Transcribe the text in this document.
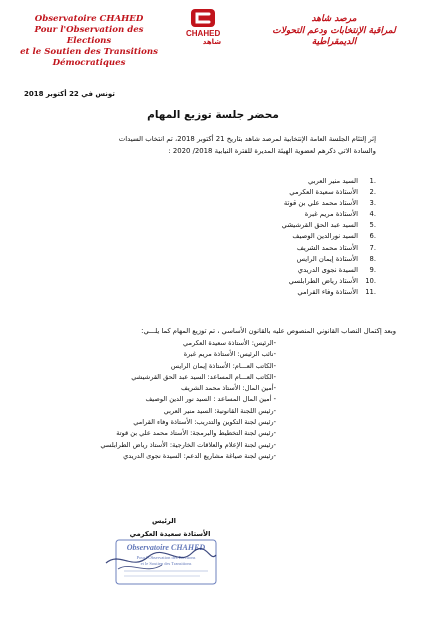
Observatoire CHAHED
Pour l'Observation des Elections
et le Soutien des Transitions
Démocratiques
CHAHED
شاهد
مرصد شاهد
لمراقبة الإنتخابات ودعم التحولات
الديمقراطية
تونس في 22 أكتوبر 2018
محضر جلسة توزيع المهام
إثر إلتئام الجلسة العامة الإنتخابية لمرصد شاهد بتاريخ 21 أكتوبر 2018، تم انتخاب السيدات
والسادة الاتي ذكرهم لعضوية الهيئة المديرة للفترة النيابية 2018/ 2020 :
1.
السيد منير العربي
2.
الأستاذة سعيدة العكرمي
3.
الأستاذ محمد علي بن قوتة
4.
الأستاذة مريم غبرة
5.
السيد عبد الحق القرشيشي
6.
السيد نورالدين الوصيف
7.
الأستاذ محمد الشريف
8.
الأستاذة إيمان الرايس
9.
السيدة نجوى الدريدي
10.
الأستاذ رياض الطرابلسي
11.
الأستاذة وفاء القرامي
وبعد إكتمال النصاب القانوني المنصوص عليه بالقانون الأساسي ، تم توزيع المهام كما يلـــي:
-الرئيس: الأستاذة سعيدة العكرمي
-نائب الرئيس: الأستاذة مريم غبرة
-الكاتب العـــام: الأستاذة إيمان الرايس
-الكاتب العـــام المساعد: السيد عبد الحق القرشيشي
-أمين المال: الأستاذ محمد الشريف
- أمين المال المساعد : السيد نور الدين الوصيف
-رئيس اللجنة القانونية: السيد منير العربي
-رئيس لجنة التكوين والتدريب: الأستاذة وفاء القرامي
-رئيس لجنة التخطيط والبرمجة: الأستاذ محمد علي بن قوتة
-رئيس لجنة الإعلام والعلاقات الخارجية: الأستاذ رياض الطرابلسي
-رئيس لجنة صياغة مشاريع الدعم: السيدة نجوى الدريدي
الرئيس
الأستاذة سعيدة العكرمي
Observatoire CHAHED
Pour l'Observation des Elections
et le Soutien des Transitions
